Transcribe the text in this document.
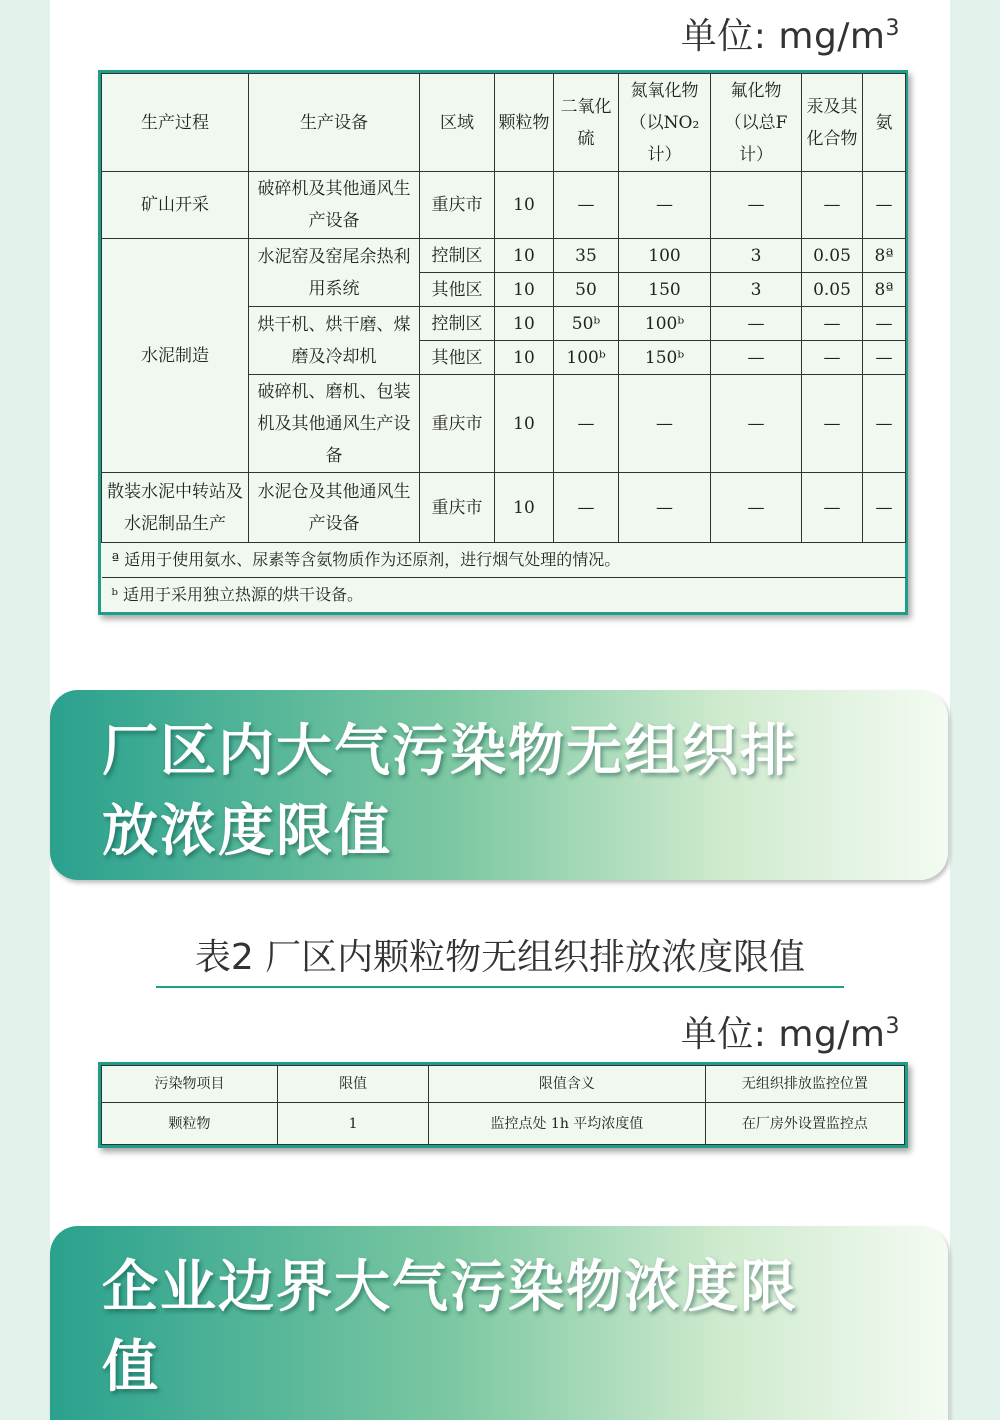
单位: $mg/m^3$
生产过程	生产设备	区域	颗粒物	二氧化硫	氮氧化物（以NO₂计）	氟化物（以总F计）	汞及其化合物	氨
矿山开采	破碎机及其他通风生产设备	重庆市	10	—	—	—	—	—
水泥制造	水泥窑及窑尾余热利用系统	控制区	10	35	100	3	0.05	8ª
		其他区	10	50	150	3	0.05	8ª
	烘干机、烘干磨、煤磨及冷却机	控制区	10	50ᵇ	100ᵇ	—	—	—
		其他区	10	100ᵇ	150ᵇ	—	—	—
	破碎机、磨机、包装机及其他通风生产设备	重庆市	10	—	—	—	—	—
散装水泥中转站及水泥制品生产	水泥仓及其他通风生产设备	重庆市	10	—	—	—	—	—
ª 适用于使用氨水、尿素等含氨物质作为还原剂，进行烟气处理的情况。								
ᵇ 适用于采用独立热源的烘干设备。								
厂区内大气污染物无组织排放浓度限值
表2 厂区内颗粒物无组织排放浓度限值
单位: $mg/m^3$
污染物项目	限值	限值含义	无组织排放监控位置
颗粒物	1	监控点处 1h 平均浓度值	在厂房外设置监控点
企业边界大气污染物浓度限值
